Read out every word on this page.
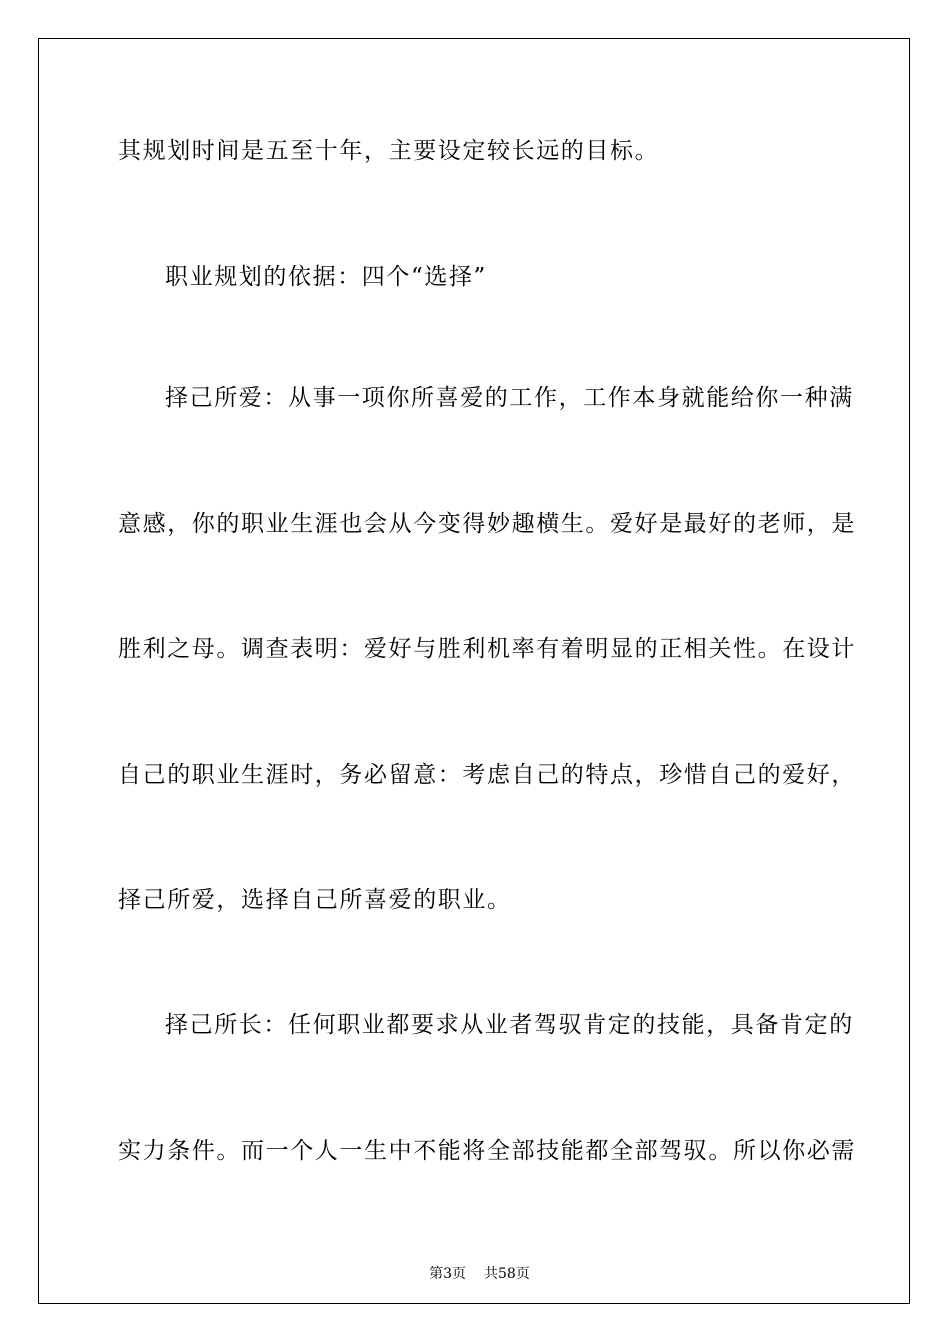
其规划时间是五至十年，主要设定较长远的目标。
职业规划的依据：四个“选择”
择己所爱：从事一项你所喜爱的工作，工作本身就能给你一种满
意感，你的职业生涯也会从今变得妙趣横生。爱好是最好的老师，是
胜利之母。调查表明：爱好与胜利机率有着明显的正相关性。在设计
自己的职业生涯时，务必留意：考虑自己的特点，珍惜自己的爱好，
择己所爱，选择自己所喜爱的职业。
择己所长：任何职业都要求从业者驾驭肯定的技能，具备肯定的
实力条件。而一个人一生中不能将全部技能都全部驾驭。所以你必需

第3页 共58页
